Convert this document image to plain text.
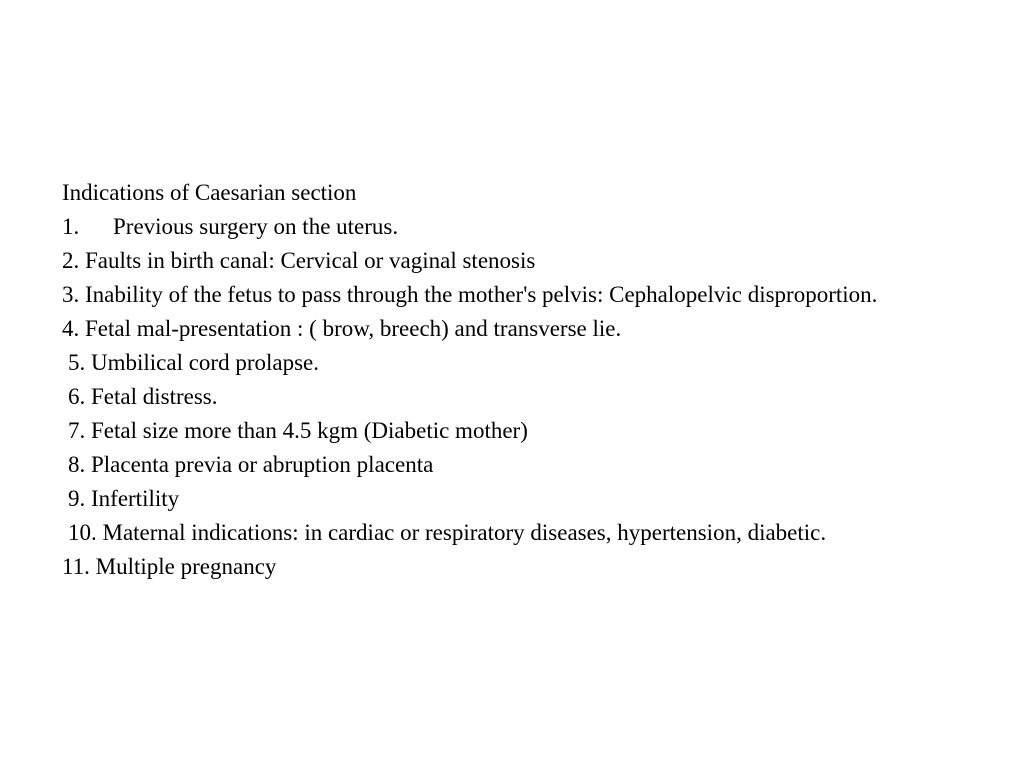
Indications of Caesarian section
1. Previous surgery on the uterus.
2. Faults in birth canal: Cervical or vaginal stenosis
3. Inability of the fetus to pass through the mother's pelvis: Cephalopelvic disproportion.
4. Fetal mal-presentation : ( brow, breech) and transverse lie.
5. Umbilical cord prolapse.
6. Fetal distress.
7. Fetal size more than 4.5 kgm (Diabetic mother)
8. Placenta previa or abruption placenta
9. Infertility
10. Maternal indications: in cardiac or respiratory diseases, hypertension, diabetic.
11. Multiple pregnancy
